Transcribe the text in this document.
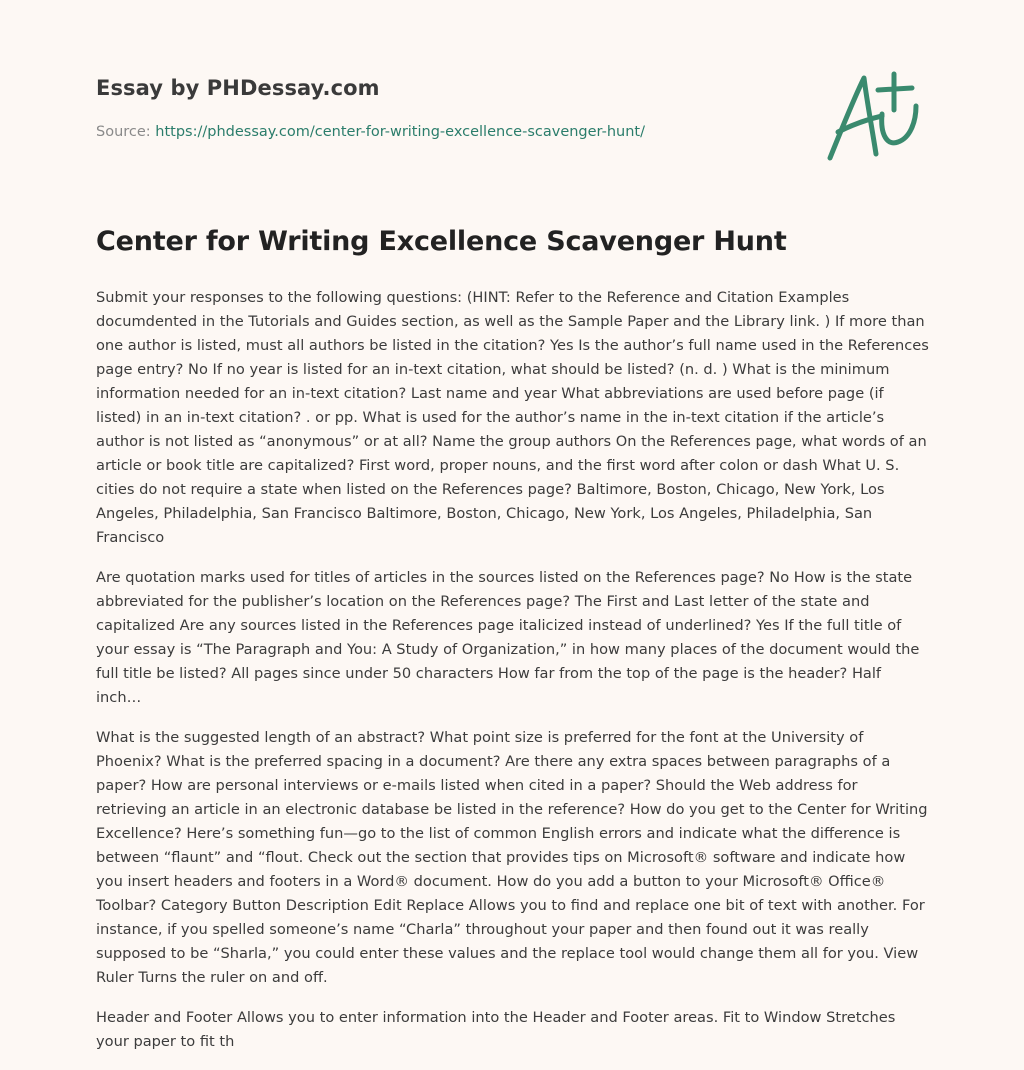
Essay by PHDessay.com
Source: https://phdessay.com/center-for-writing-excellence-scavenger-hunt/
Center for Writing Excellence Scavenger Hunt

Submit your responses to the following questions: (HINT: Refer to the Reference and Citation Examples documdented in the Tutorials and Guides section, as well as the Sample Paper and the Library link. ) If more than one author is listed, must all authors be listed in the citation? Yes Is the author’s full name used in the References page entry? No If no year is listed for an in-text citation, what should be listed? (n. d. ) What is the minimum information needed for an in-text citation? Last name and year What abbreviations are used before page (if listed) in an in-text citation? . or pp. What is used for the author’s name in the in-text citation if the article’s author is not listed as “anonymous” or at all? Name the group authors On the References page, what words of an article or book title are capitalized? First word, proper nouns, and the first word after colon or dash What U. S. cities do not require a state when listed on the References page? Baltimore, Boston, Chicago, New York, Los Angeles, Philadelphia, San Francisco Baltimore, Boston, Chicago, New York, Los Angeles, Philadelphia, San Francisco

Are quotation marks used for titles of articles in the sources listed on the References page? No How is the state abbreviated for the publisher’s location on the References page? The First and Last letter of the state and capitalized Are any sources listed in the References page italicized instead of underlined? Yes If the full title of your essay is “The Paragraph and You: A Study of Organization,” in how many places of the document would the full title be listed? All pages since under 50 characters How far from the top of the page is the header? Half inch…

What is the suggested length of an abstract? What point size is preferred for the font at the University of Phoenix? What is the preferred spacing in a document? Are there any extra spaces between paragraphs of a paper? How are personal interviews or e-mails listed when cited in a paper? Should the Web address for retrieving an article in an electronic database be listed in the reference? How do you get to the Center for Writing Excellence? Here’s something fun—go to the list of common English errors and indicate what the difference is between “flaunt” and “flout. Check out the section that provides tips on Microsoft® software and indicate how you insert headers and footers in a Word® document. How do you add a button to your Microsoft® Office® Toolbar? Category Button Description Edit Replace Allows you to find and replace one bit of text with another. For instance, if you spelled someone’s name “Charla” throughout your paper and then found out it was really supposed to be “Sharla,” you could enter these values and the replace tool would change them all for you. View Ruler Turns the ruler on and off.

Header and Footer Allows you to enter information into the Header and Footer areas. Fit to Window Stretches your paper to fit th
